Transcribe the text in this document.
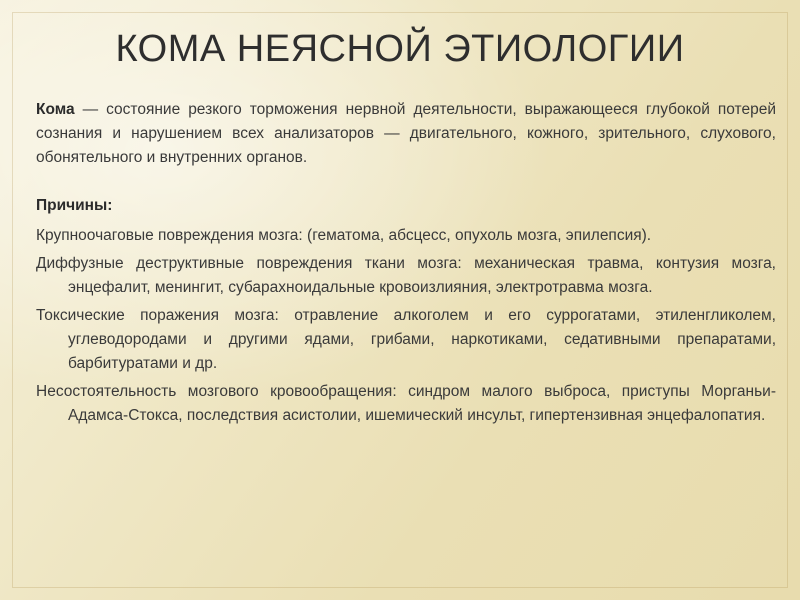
КОМА НЕЯСНОЙ ЭТИОЛОГИИ

Кома — состояние резкого торможения нервной деятельности, выражающееся глубокой потерей сознания и нарушением всех анализаторов — двигательного, кожного, зрительного, слухового, обонятельного и внутренних органов.

Причины:

Крупноочаговые повреждения мозга: (гематома, абсцесс, опухоль мозга, эпилепсия).

Диффузные деструктивные повреждения ткани мозга: механическая травма, контузия мозга, энцефалит, менингит, субарахноидальные кровоизлияния, электротравма мозга.

Токсические поражения мозга: отравление алкоголем и его суррогатами, этиленгликолем, углеводородами и другими ядами, грибами, наркотиками, седативными препаратами, барбитуратами и др.

Несостоятельность мозгового кровообращения: синдром малого выброса, приступы Морганьи-Адамса-Стокса, последствия асистолии, ишемический инсульт, гипертензивная энцефалопатия.
